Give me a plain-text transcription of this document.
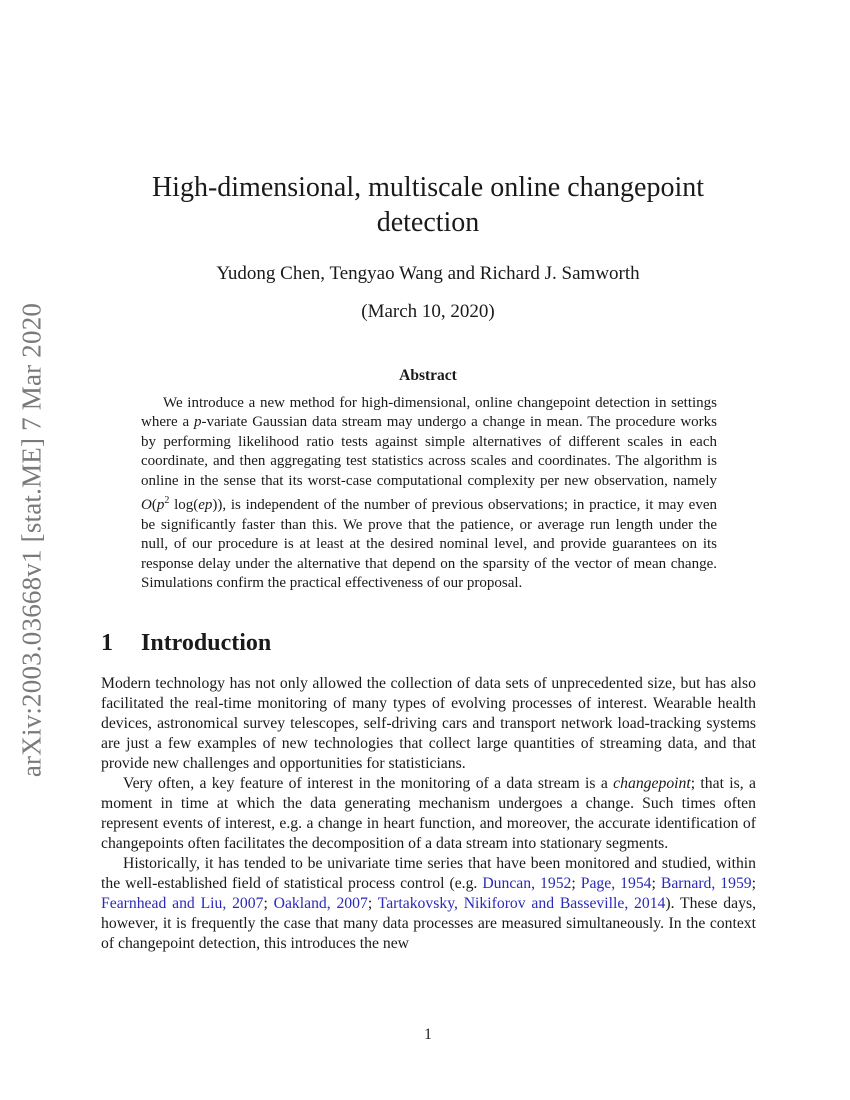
arXiv:2003.03668v1 [stat.ME] 7 Mar 2020
High-dimensional, multiscale online changepoint
detection
Yudong Chen, Tengyao Wang and Richard J. Samworth
(March 10, 2020)
Abstract

We introduce a new method for high-dimensional, online changepoint detection in settings where a p-variate Gaussian data stream may undergo a change in mean. The procedure works by performing likelihood ratio tests against simple alternatives of different scales in each coordinate, and then aggregating test statistics across scales and coordinates. The algorithm is online in the sense that its worst-case computational complexity per new observation, namely $O(p^2$ log(ep)), is independent of the number of previous observations; in practice, it may even be significantly faster than this. We prove that the patience, or average run length under the null, of our procedure is at least at the desired nominal level, and provide guarantees on its response delay under the alternative that depend on the sparsity of the vector of mean change. Simulations confirm the practical effectiveness of our proposal.

1 Introduction

Modern technology has not only allowed the collection of data sets of unprecedented size, but has also facilitated the real-time monitoring of many types of evolving processes of interest. Wearable health devices, astronomical survey telescopes, self-driving cars and transport network load-tracking systems are just a few examples of new technologies that collect large quantities of streaming data, and that provide new challenges and opportunities for statisticians.

Very often, a key feature of interest in the monitoring of a data stream is a changepoint; that is, a moment in time at which the data generating mechanism undergoes a change. Such times often represent events of interest, e.g. a change in heart function, and moreover, the accurate identification of changepoints often facilitates the decomposition of a data stream into stationary segments.

Historically, it has tended to be univariate time series that have been monitored and studied, within the well-established field of statistical process control (e.g. Duncan, 1952; Page, 1954; Barnard, 1959; Fearnhead and Liu, 2007; Oakland, 2007; Tartakovsky, Nikiforov and Basseville, 2014). These days, however, it is frequently the case that many data processes are measured simultaneously. In the context of changepoint detection, this introduces the new

1
